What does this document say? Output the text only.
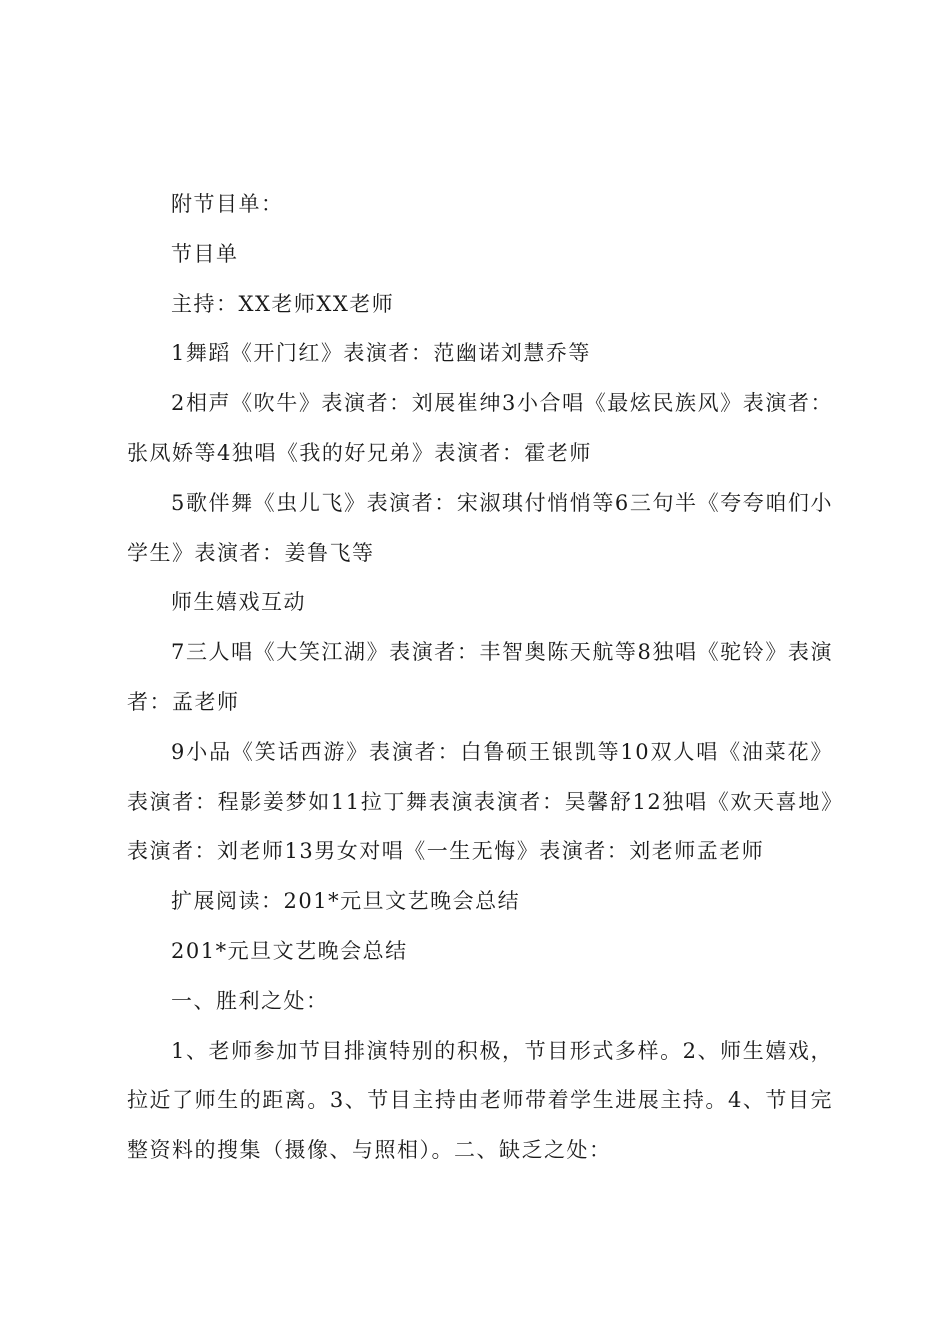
附节目单：

节目单

主持：XX老师XX老师

1舞蹈《开门红》表演者：范幽诺刘慧乔等

2相声《吹牛》表演者：刘展崔绅3小合唱《最炫民族风》表演者：张凤娇等4独唱《我的好兄弟》表演者：霍老师

5歌伴舞《虫儿飞》表演者：宋淑琪付悄悄等6三句半《夸夸咱们小学生》表演者：姜鲁飞等

师生嬉戏互动

7三人唱《大笑江湖》表演者：丰智奥陈天航等8独唱《驼铃》表演者：孟老师

9小品《笑话西游》表演者：白鲁硕王银凯等10双人唱《油菜花》表演者：程影姜梦如11拉丁舞表演表演者：吴馨舒12独唱《欢天喜地》表演者：刘老师13男女对唱《一生无悔》表演者：刘老师孟老师

扩展阅读：201*元旦文艺晚会总结

201*元旦文艺晚会总结

一、胜利之处：

1、老师参加节目排演特别的积极，节目形式多样。2、师生嬉戏，拉近了师生的距离。3、节目主持由老师带着学生进展主持。4、节目完整资料的搜集（摄像、与照相）。二、缺乏之处：
